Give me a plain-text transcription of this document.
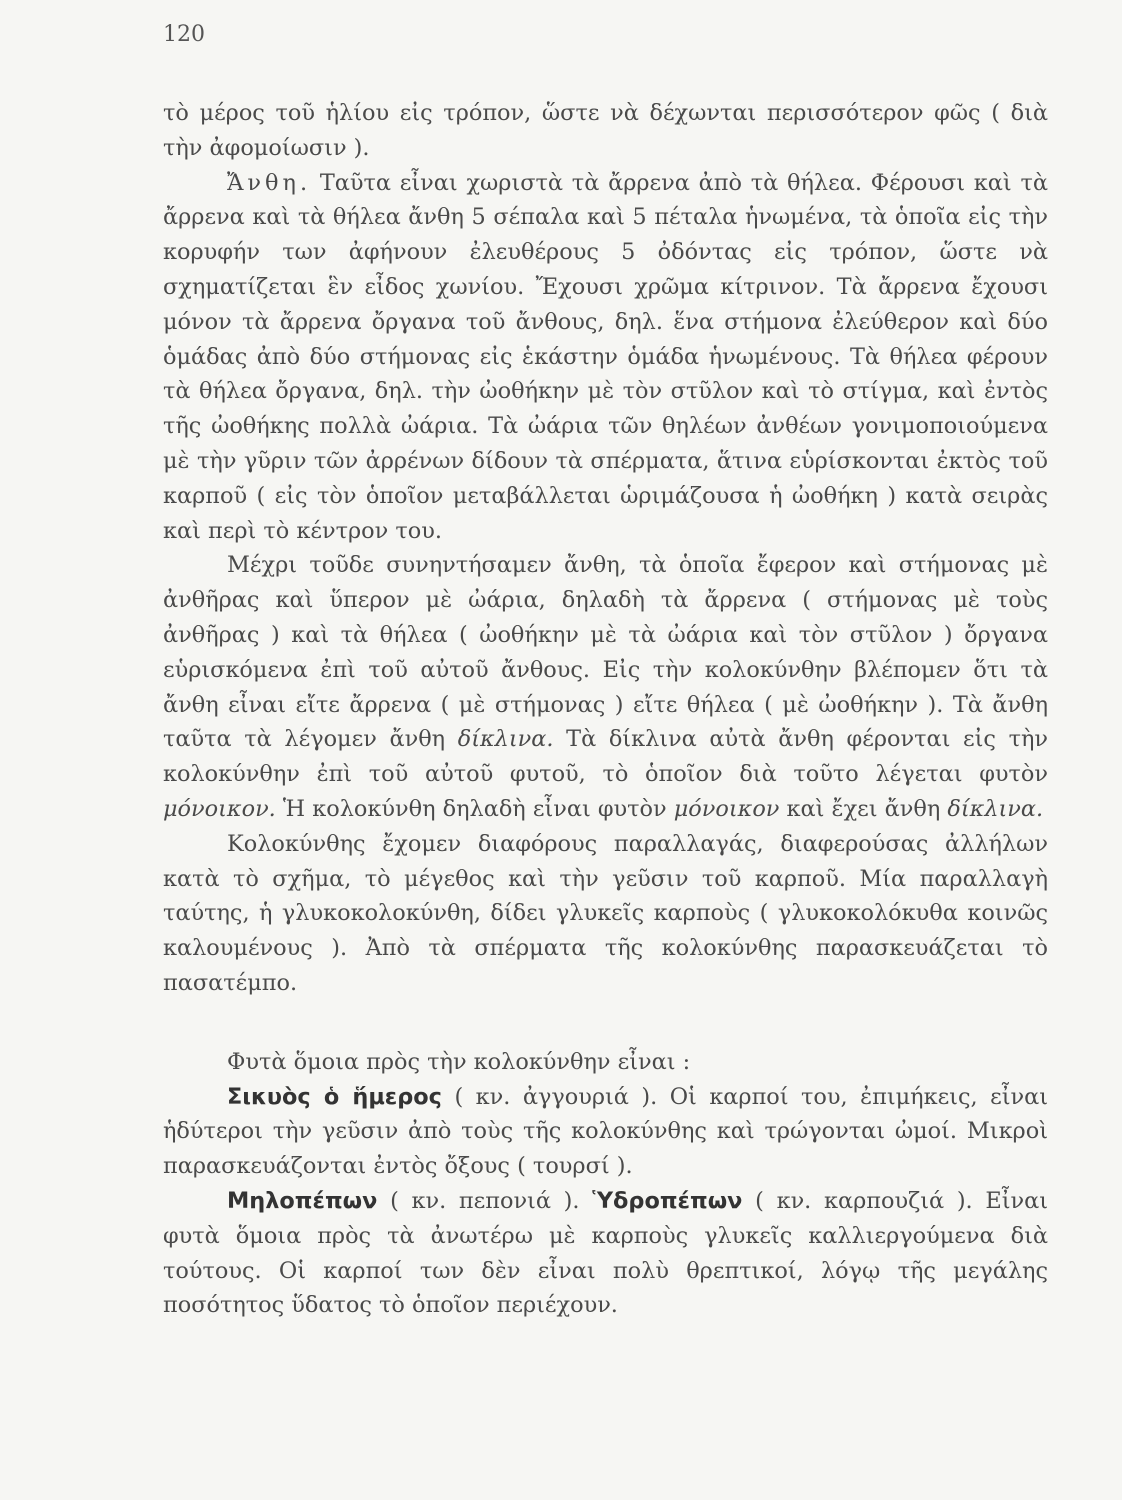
120

τὸ μέρος τοῦ ἡλίου εἰς τρόπον, ὥστε νὰ δέχωνται περισσότερον φῶς ( διὰ τὴν ἀφομοίωσιν ).

Ἄνθη. Ταῦτα εἶναι χωριστὰ τὰ ἄρρενα ἀπὸ τὰ θήλεα. Φέρουσι καὶ τὰ ἄρρενα καὶ τὰ θήλεα ἄνθη 5 σέπαλα καὶ 5 πέταλα ἡνωμένα, τὰ ὁποῖα εἰς τὴν κορυφήν των ἀφήνουν ἐλευθέρους 5 ὀδόντας εἰς τρόπον, ὥστε νὰ σχηματίζεται ἓν εἶδος χωνίου. Ἔχουσι χρῶμα κίτρινον. Τὰ ἄρρενα ἔχουσι μόνον τὰ ἄρρενα ὄργανα τοῦ ἄνθους, δηλ. ἕνα στήμονα ἐλεύθερον καὶ δύο ὁμάδας ἀπὸ δύο στήμονας εἰς ἑκάστην ὁμάδα ἡνωμένους. Τὰ θήλεα φέρουν τὰ θήλεα ὄργανα, δηλ. τὴν ὠοθήκην μὲ τὸν στῦλον καὶ τὸ στίγμα, καὶ ἐντὸς τῆς ὠοθήκης πολλὰ ὠάρια. Τὰ ὠάρια τῶν θηλέων ἀνθέων γονιμοποιούμενα μὲ τὴν γῦριν τῶν ἀρρένων δίδουν τὰ σπέρματα, ἅτινα εὑρίσκονται ἐκτὸς τοῦ καρποῦ ( εἰς τὸν ὁποῖον μεταβάλλεται ὡριμάζουσα ἡ ὠοθήκη ) κατὰ σειρὰς καὶ περὶ τὸ κέντρον του.

Μέχρι τοῦδε συνηντήσαμεν ἄνθη, τὰ ὁποῖα ἔφερον καὶ στήμονας μὲ ἀνθῆρας καὶ ὕπερον μὲ ὠάρια, δηλαδὴ τὰ ἄρρενα ( στήμονας μὲ τοὺς ἀνθῆρας ) καὶ τὰ θήλεα ( ὠοθήκην μὲ τὰ ὠάρια καὶ τὸν στῦλον ) ὄργανα εὑρισκόμενα ἐπὶ τοῦ αὐτοῦ ἄνθους. Εἰς τὴν κολοκύνθην βλέπομεν ὅτι τὰ ἄνθη εἶναι εἴτε ἄρρενα ( μὲ στήμονας ) εἴτε θήλεα ( μὲ ὠοθήκην ). Τὰ ἄνθη ταῦτα τὰ λέγομεν ἄνθη δίκλινα. Τὰ δίκλινα αὐτὰ ἄνθη φέρονται εἰς τὴν κολοκύνθην ἐπὶ τοῦ αὐτοῦ φυτοῦ, τὸ ὁποῖον διὰ τοῦτο λέγεται φυτὸν μόνοικον. Ἡ κολοκύνθη δηλαδὴ εἶναι φυτὸν μόνοικον καὶ ἔχει ἄνθη δίκλινα.

Κολοκύνθης ἔχομεν διαφόρους παραλλαγάς, διαφερούσας ἀλλήλων κατὰ τὸ σχῆμα, τὸ μέγεθος καὶ τὴν γεῦσιν τοῦ καρποῦ. Μία παραλλαγὴ ταύτης, ἡ γλυκοκολοκύνθη, δίδει γλυκεῖς καρποὺς ( γλυκοκολόκυθα κοινῶς καλουμένους ). Ἀπὸ τὰ σπέρματα τῆς κολοκύνθης παρασκευάζεται τὸ πασατέμπο.

Φυτὰ ὅμοια πρὸς τὴν κολοκύνθην εἶναι :

Σικυὸς ὁ ἥμερος ( κν. ἀγγουριά ). Οἱ καρποί του, ἐπιμήκεις, εἶναι ἡδύτεροι τὴν γεῦσιν ἀπὸ τοὺς τῆς κολοκύνθης καὶ τρώγονται ὠμοί. Μικροὶ παρασκευάζονται ἐντὸς ὄξους ( τουρσί ).

Μηλοπέπων ( κν. πεπονιά ). Ὑδροπέπων ( κν. καρπουζιά ). Εἶναι φυτὰ ὅμοια πρὸς τὰ ἀνωτέρω μὲ καρποὺς γλυκεῖς καλλιεργούμενα διὰ τούτους. Οἱ καρποί των δὲν εἶναι πολὺ θρεπτικοί, λόγῳ τῆς μεγάλης ποσότητος ὕδατος τὸ ὁποῖον περιέχουν.
